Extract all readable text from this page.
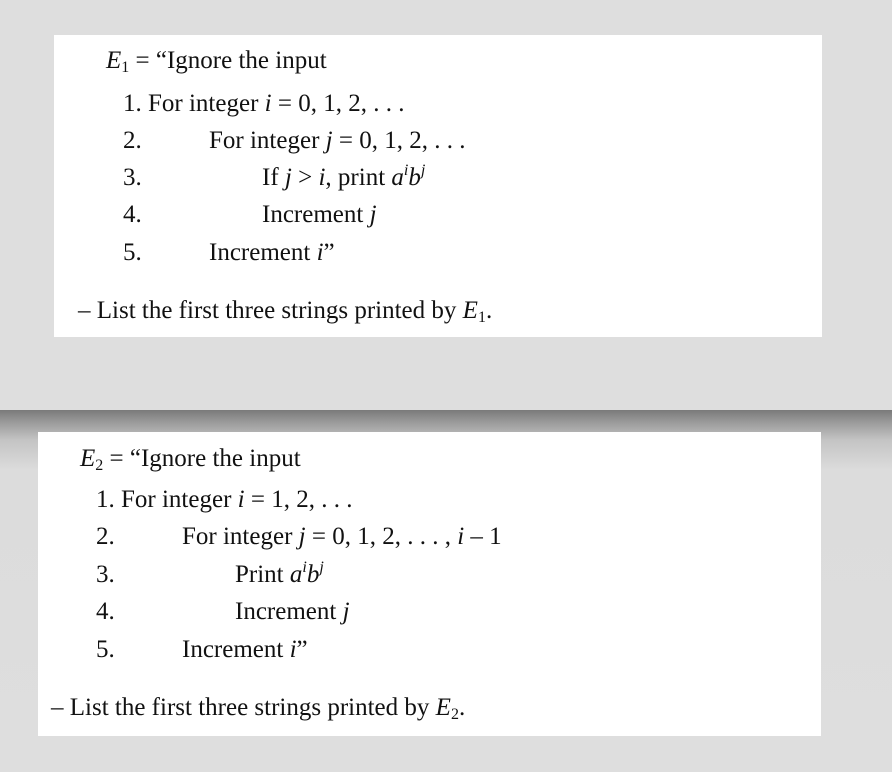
$E_1$ = “Ignore the input
1. For integer i = 0, 1, 2, . . .
2.	For integer j = 0, 1, 2, . . .
3.	If j > i, print $a^ib^j$
4.	Increment j
5.	Increment i”
– List the first three strings printed by $E_1$.
$E_2$ = “Ignore the input
1. For integer i = 1, 2, . . .
2.	For integer j = 0, 1, 2, . . . , i – 1
3.	Print $a^ib^j$
4.	Increment j
5.	Increment i”
– List the first three strings printed by $E_2$.
